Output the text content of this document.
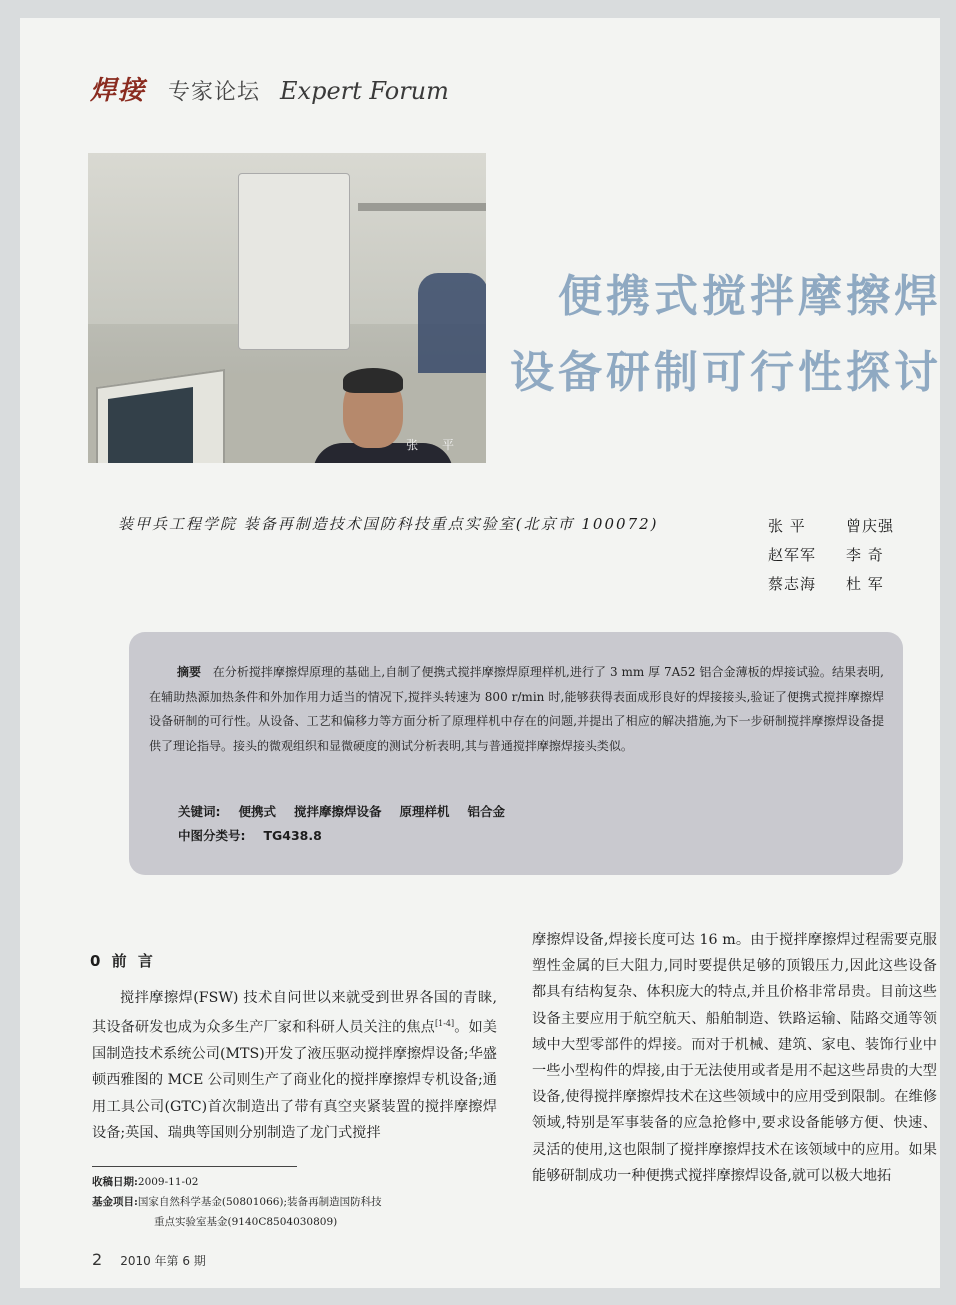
焊接 专家论坛 Expert Forum
张 平
便携式搅拌摩擦焊
设备研制可行性探讨
装甲兵工程学院 装备再制造技术国防科技重点实验室(北京市 100072)	张 平	曾庆强
赵军军	李 奇
蔡志海	杜 军
摘要 在分析搅拌摩擦焊原理的基础上,自制了便携式搅拌摩擦焊原理样机,进行了 3 mm 厚 7A52 铝合金薄板的焊接试验。结果表明,在辅助热源加热条件和外加作用力适当的情况下,搅拌头转速为 800 r/min 时,能够获得表面成形良好的焊接接头,验证了便携式搅拌摩擦焊设备研制的可行性。从设备、工艺和偏移力等方面分析了原理样机中存在的问题,并提出了相应的解决措施,为下一步研制搅拌摩擦焊设备提供了理论指导。接头的微观组织和显微硬度的测试分析表明,其与普通搅拌摩擦焊接头类似。
关键词: 便携式 搅拌摩擦焊设备 原理样机 铝合金
中图分类号: TG438.8
0 前 言
搅拌摩擦焊(FSW) 技术自问世以来就受到世界各国的青睐,其设备研发也成为众多生产厂家和科研人员关注的焦点[1-4]。如美国制造技术系统公司(MTS)开发了液压驱动搅拌摩擦焊设备;华盛顿西雅图的 MCE 公司则生产了商业化的搅拌摩擦焊专机设备;通用工具公司(GTC)首次制造出了带有真空夹紧装置的搅拌摩擦焊设备;英国、瑞典等国则分别制造了龙门式搅拌
摩擦焊设备,焊接长度可达 16 m。由于搅拌摩擦焊过程需要克服塑性金属的巨大阻力,同时要提供足够的顶锻压力,因此这些设备都具有结构复杂、体积庞大的特点,并且价格非常昂贵。目前这些设备主要应用于航空航天、船舶制造、铁路运输、陆路交通等领域中大型零部件的焊接。而对于机械、建筑、家电、装饰行业中一些小型构件的焊接,由于无法使用或者是用不起这些昂贵的大型设备,使得搅拌摩擦焊技术在这些领域中的应用受到限制。在维修领域,特别是军事装备的应急抢修中,要求设备能够方便、快速、灵活的使用,这也限制了搅拌摩擦焊技术在该领域中的应用。如果能够研制成功一种便携式搅拌摩擦焊设备,就可以极大地拓
收稿日期:2009-11-02
基金项目:国家自然科学基金(50801066);装备再制造国防科技
重点实验室基金(9140C8504030809)
2 2010 年第 6 期
